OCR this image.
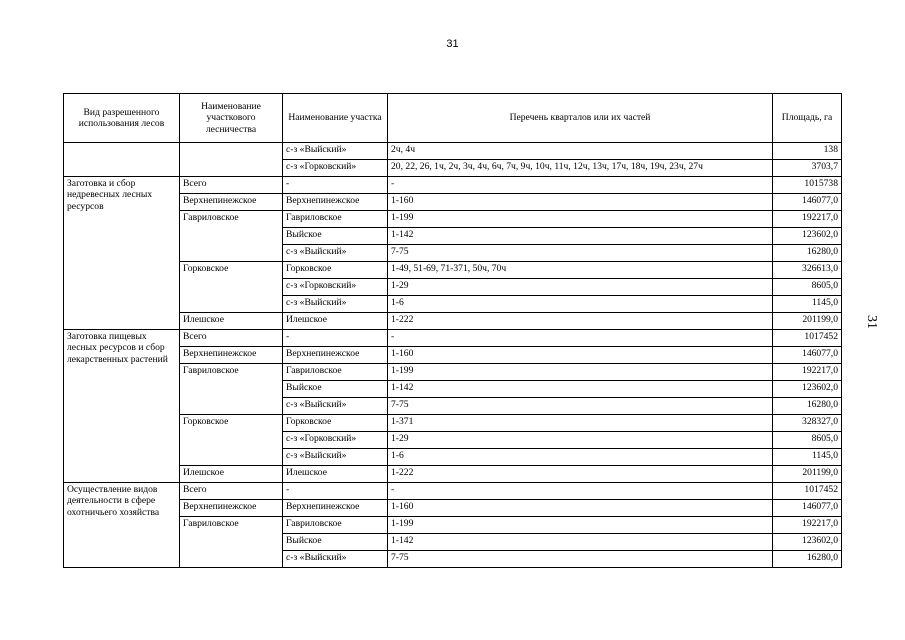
31
31
Вид разрешенного использования лесов	Наименование участкового лесничества	Наименование участка	Перечень кварталов или их частей	Площадь, га
		с-з «Выйский»	2ч, 4ч	138
		с-з «Горковский»	20, 22, 26, 1ч, 2ч, 3ч, 4ч, 6ч, 7ч, 9ч, 10ч, 11ч, 12ч, 13ч, 17ч, 18ч, 19ч, 23ч, 27ч	3703,7
Заготовка и сбор недревесных лесных ресурсов	Всего	-	-	1015738
	Верхнепинежское	Верхнепинежское	1-160	146077,0
	Гавриловское	Гавриловское	1-199	192217,0
		Выйское	1-142	123602,0
		с-з «Выйский»	7-75	16280,0
	Горковское	Горковское	1-49, 51-69, 71-371, 50ч, 70ч	326613,0
		с-з «Горковский»	1-29	8605,0
		с-з «Выйский»	1-6	1145,0
	Илешское	Илешское	1-222	201199,0
Заготовка пищевых лесных ресурсов и сбор лекарственных растений	Всего	-	-	1017452
	Верхнепинежское	Верхнепинежское	1-160	146077,0
	Гавриловское	Гавриловское	1-199	192217,0
		Выйское	1-142	123602,0
		с-з «Выйский»	7-75	16280,0
	Горковское	Горковское	1-371	328327,0
		с-з «Горковский»	1-29	8605,0
		с-з «Выйский»	1-6	1145,0
	Илешское	Илешское	1-222	201199,0
Осуществление видов деятельности в сфере охотничьего хозяйства	Всего	-	-	1017452
	Верхнепинежское	Верхнепинежское	1-160	146077,0
	Гавриловское	Гавриловское	1-199	192217,0
		Выйское	1-142	123602,0
		с-з «Выйский»	7-75	16280,0
